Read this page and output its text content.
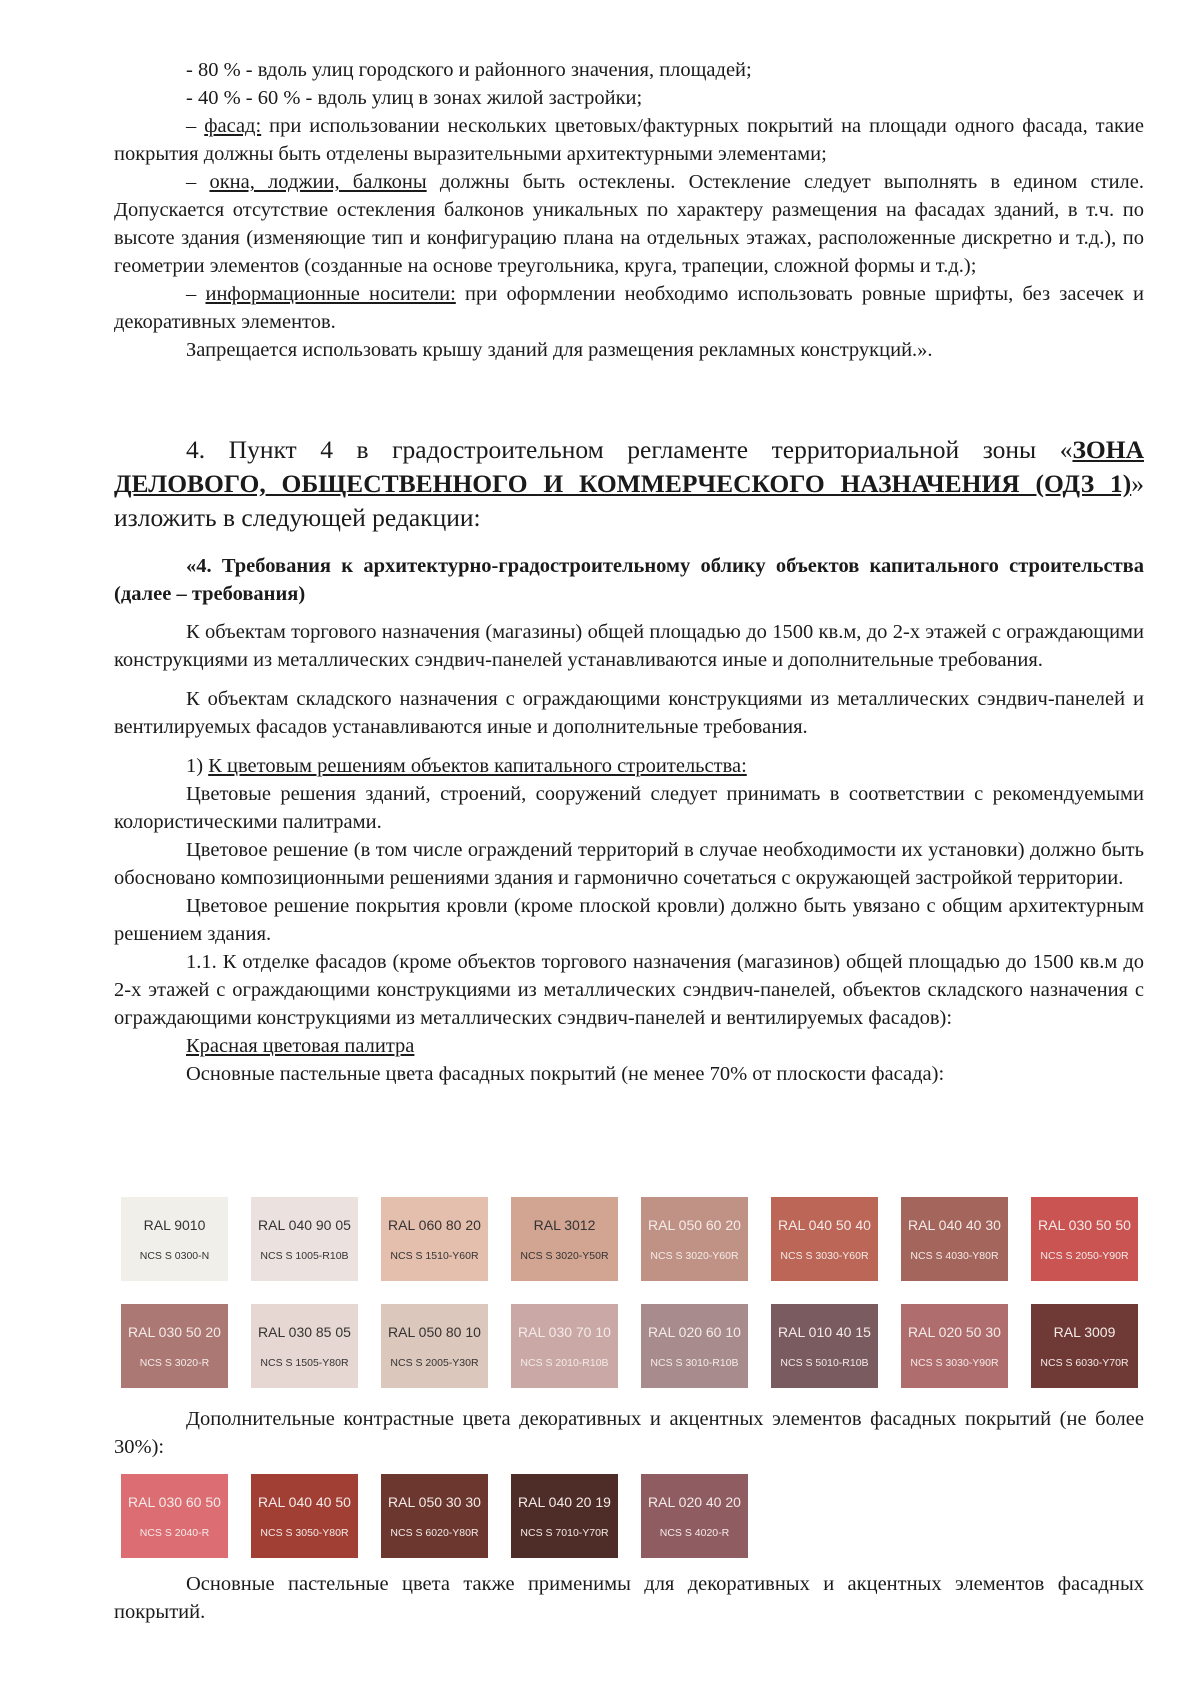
- 80 % - вдоль улиц городского и районного значения, площадей;

- 40 % - 60 % - вдоль улиц в зонах жилой застройки;

– фасад: при использовании нескольких цветовых/фактурных покрытий на площади одного фасада, такие покрытия должны быть отделены выразительными архитектурными элементами;

– окна, лоджии, балконы должны быть остеклены. Остекление следует выполнять в едином стиле. Допускается отсутствие остекления балконов уникальных по характеру размещения на фасадах зданий, в т.ч. по высоте здания (изменяющие тип и конфигурацию плана на отдельных этажах, расположенные дискретно и т.д.), по геометрии элементов (созданные на основе треугольника, круга, трапеции, сложной формы и т.д.);

– информационные носители: при оформлении необходимо использовать ровные шрифты, без засечек и декоративных элементов.

Запрещается использовать крышу зданий для размещения рекламных конструкций.».

4. Пункт 4 в градостроительном регламенте территориальной зоны «ЗОНА ДЕЛОВОГО, ОБЩЕСТВЕННОГО И КОММЕРЧЕСКОГО НАЗНАЧЕНИЯ (ОДЗ 1)» изложить в следующей редакции:

«4. Требования к архитектурно-градостроительному облику объектов капитального строительства (далее – требования)

К объектам торгового назначения (магазины) общей площадью до 1500 кв.м, до 2-х этажей с ограждающими конструкциями из металлических сэндвич-панелей устанавливаются иные и дополнительные требования.

К объектам складского назначения с ограждающими конструкциями из металлических сэндвич-панелей и вентилируемых фасадов устанавливаются иные и дополнительные требования.

1) К цветовым решениям объектов капитального строительства:

Цветовые решения зданий, строений, сооружений следует принимать в соответствии с рекомендуемыми колористическими палитрами.

Цветовое решение (в том числе ограждений территорий в случае необходимости их установки) должно быть обосновано композиционными решениями здания и гармонично сочетаться с окружающей застройкой территории.

Цветовое решение покрытия кровли (кроме плоской кровли) должно быть увязано с общим архитектурным решением здания.

1.1. К отделке фасадов (кроме объектов торгового назначения (магазинов) общей площадью до 1500 кв.м до 2-х этажей с ограждающими конструкциями из металлических сэндвич-панелей, объектов складского назначения с ограждающими конструкциями из металлических сэндвич-панелей и вентилируемых фасадов):

Красная цветовая палитра

Основные пастельные цвета фасадных покрытий (не менее 70% от плоскости фасада):

RAL 9010
NCS S 0300-N
RAL 040 90 05
NCS S 1005-R10B
RAL 060 80 20
NCS S 1510-Y60R
RAL 3012
NCS S 3020-Y50R
RAL 050 60 20
NCS S 3020-Y60R
RAL 040 50 40
NCS S 3030-Y60R
RAL 040 40 30
NCS S 4030-Y80R
RAL 030 50 50
NCS S 2050-Y90R
RAL 030 50 20
NCS S 3020-R
RAL 030 85 05
NCS S 1505-Y80R
RAL 050 80 10
NCS S 2005-Y30R
RAL 030 70 10
NCS S 2010-R10B
RAL 020 60 10
NCS S 3010-R10B
RAL 010 40 15
NCS S 5010-R10B
RAL 020 50 30
NCS S 3030-Y90R
RAL 3009
NCS S 6030-Y70R

Дополнительные контрастные цвета декоративных и акцентных элементов фасадных покрытий (не более 30%):

RAL 030 60 50
NCS S 2040-R
RAL 040 40 50
NCS S 3050-Y80R
RAL 050 30 30
NCS S 6020-Y80R
RAL 040 20 19
NCS S 7010-Y70R
RAL 020 40 20
NCS S 4020-R

Основные пастельные цвета также применимы для декоративных и акцентных элементов фасадных покрытий.
